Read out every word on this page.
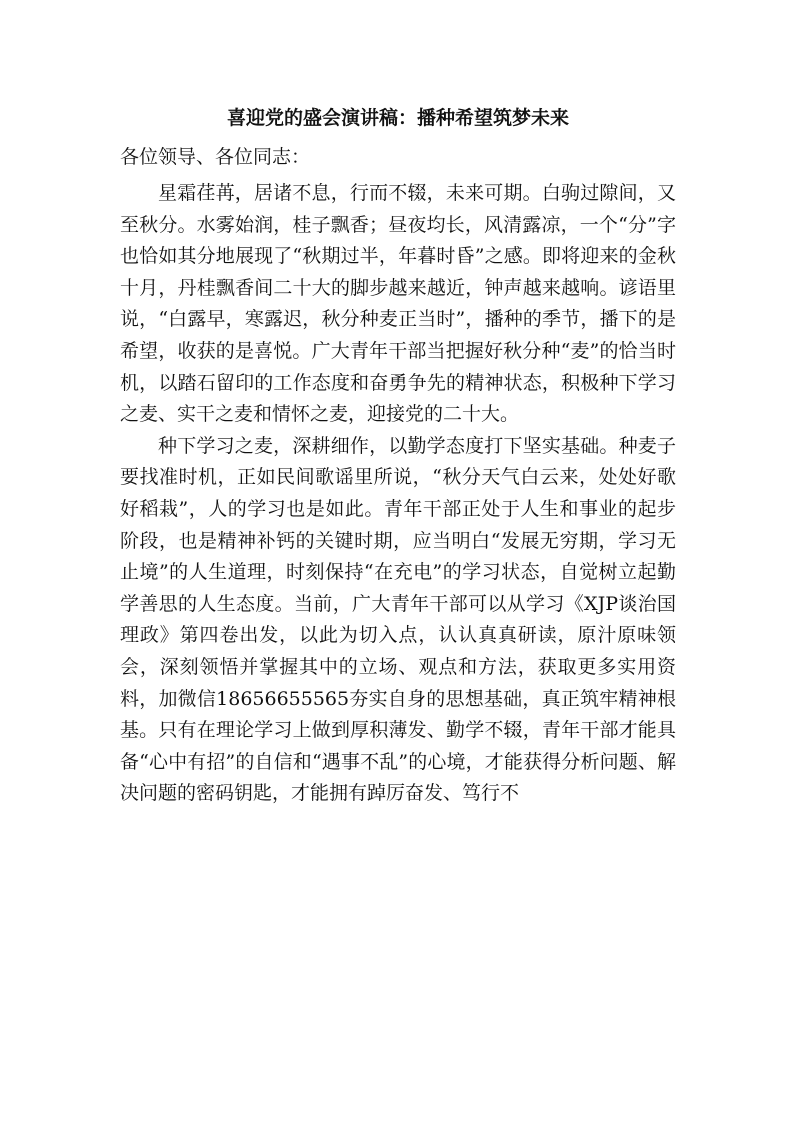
喜迎党的盛会演讲稿：播种希望筑梦未来

各位领导、各位同志：

星霜荏苒，居诸不息，行而不辍，未来可期。白驹过隙间，又至秋分。水雾始润，桂子飘香；昼夜均长，风清露凉，一个“分”字也恰如其分地展现了“秋期过半，年暮时昏”之感。即将迎来的金秋十月，丹桂飘香间二十大的脚步越来越近，钟声越来越响。谚语里说，“白露早，寒露迟，秋分种麦正当时”，播种的季节，播下的是希望，收获的是喜悦。广大青年干部当把握好秋分种“麦”的恰当时机，以踏石留印的工作态度和奋勇争先的精神状态，积极种下学习之麦、实干之麦和情怀之麦，迎接党的二十大。

种下学习之麦，深耕细作，以勤学态度打下坚实基础。种麦子要找准时机，正如民间歌谣里所说，“秋分天气白云来，处处好歌好稻栽”，人的学习也是如此。青年干部正处于人生和事业的起步阶段，也是精神补钙的关键时期，应当明白“发展无穷期，学习无止境”的人生道理，时刻保持“在充电”的学习状态，自觉树立起勤学善思的人生态度。当前，广大青年干部可以从学习《XJP谈治国理政》第四卷出发，以此为切入点，认认真真研读，原汁原味领会，深刻领悟并掌握其中的立场、观点和方法，获取更多实用资料，加微信18656655565夯实自身的思想基础，真正筑牢精神根基。只有在理论学习上做到厚积薄发、勤学不辍，青年干部才能具备“心中有招”的自信和“遇事不乱”的心境，才能获得分析问题、解决问题的密码钥匙，才能拥有踔厉奋发、笃行不
